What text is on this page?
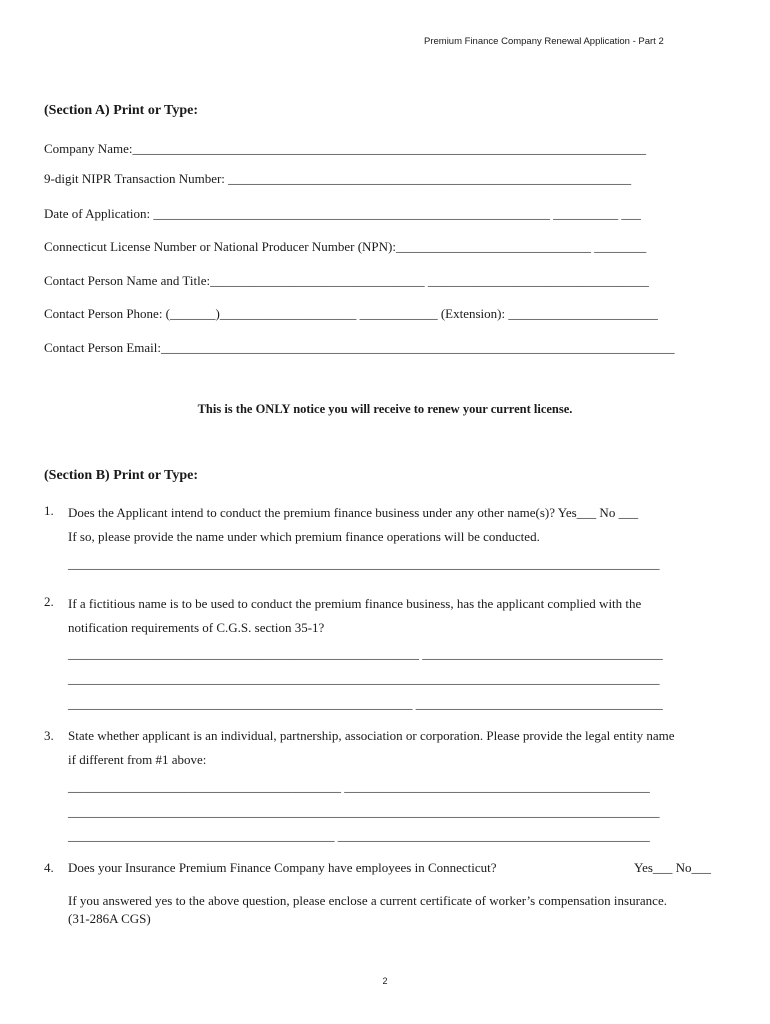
Premium Finance Company Renewal Application - Part 2
(Section A) Print or Type:
Company Name:_______________________________________________________________________________
9-digit NIPR Transaction Number: ______________________________________________________________
Date of Application: _____________________________________________________________ __________ ___
Connecticut License Number or National Producer Number (NPN):______________________________ ________
Contact Person Name and Title:_________________________________ __________________________________
Contact Person Phone: (_______)_____________________ ____________ (Extension): _______________________
Contact Person Email:_______________________________________________________________________________
This is the ONLY notice you will receive to renew your current license.
(Section B) Print or Type:
1. Does the Applicant intend to conduct the premium finance business under any other name(s)? Yes___ No ___
If so, please provide the name under which premium finance operations will be conducted.
___________________________________________________________________________________________
2. If a fictitious name is to be used to conduct the premium finance business, has the applicant complied with the
notification requirements of C.G.S. section 35-1?
______________________________________________________ _____________________________________
___________________________________________________________________________________________
_____________________________________________________ ______________________________________
3. State whether applicant is an individual, partnership, association or corporation. Please provide the legal entity name
if different from #1 above:
__________________________________________ _______________________________________________
___________________________________________________________________________________________
_________________________________________ ________________________________________________
4. Does your Insurance Premium Finance Company have employees in Connecticut?	Yes___ No___
If you answered yes to the above question, please enclose a current certificate of worker’s compensation insurance.
(31-286A CGS)
2
